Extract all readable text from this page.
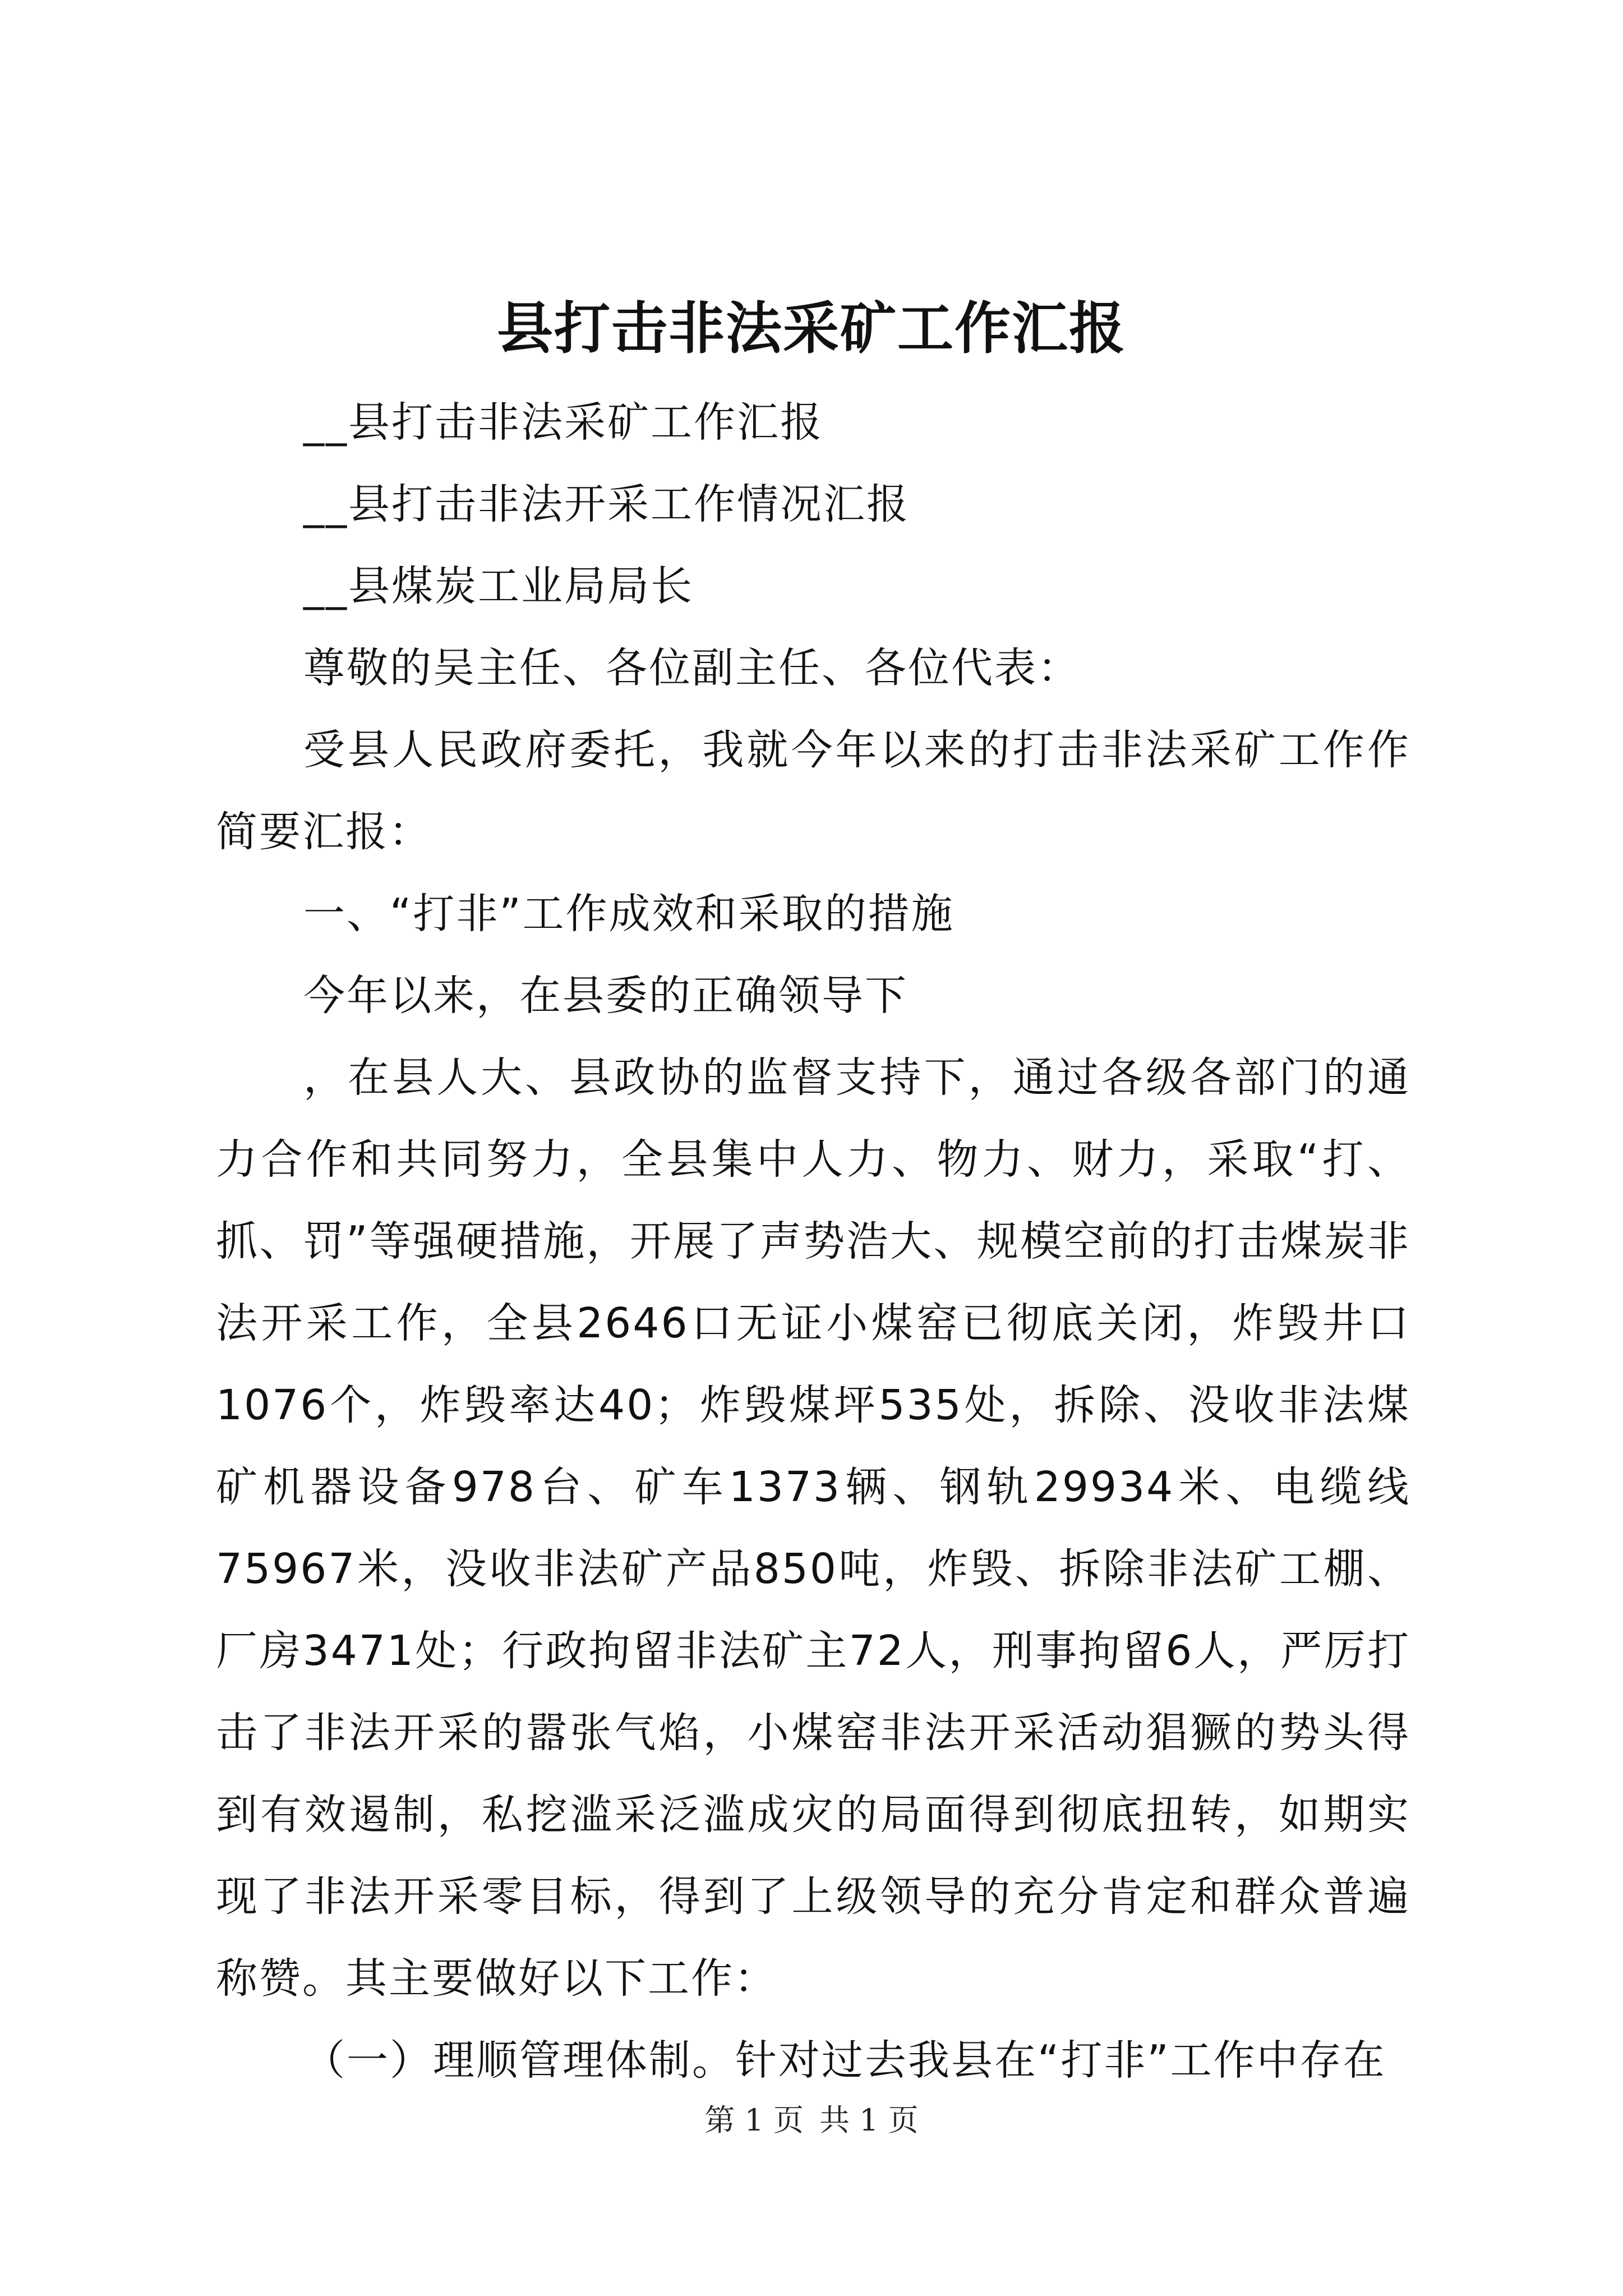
县打击非法采矿工作汇报

__县打击非法采矿工作汇报

__县打击非法开采工作情况汇报

__县煤炭工业局局长

尊敬的吴主任、各位副主任、各位代表：

受县人民政府委托，我就今年以来的打击非法采矿工作作简要汇报：

一、“打非”工作成效和采取的措施

今年以来，在县委的正确领导下

，在县人大、县政协的监督支持下，通过各级各部门的通力合作和共同努力，全县集中人力、物力、财力，采取“打、抓、罚”等强硬措施，开展了声势浩大、规模空前的打击煤炭非法开采工作，全县2646口无证小煤窑已彻底关闭，炸毁井口1076个，炸毁率达40；炸毁煤坪535处，拆除、没收非法煤矿机器设备978台、矿车1373辆、钢轨29934米、电缆线75967米，没收非法矿产品850吨，炸毁、拆除非法矿工棚、厂房3471处；行政拘留非法矿主72人，刑事拘留6人，严厉打击了非法开采的嚣张气焰，小煤窑非法开采活动猖獗的势头得到有效遏制，私挖滥采泛滥成灾的局面得到彻底扭转，如期实现了非法开采零目标，得到了上级领导的充分肯定和群众普遍称赞。其主要做好以下工作：

（一）理顺管理体制。针对过去我县在“打非”工作中存在

第 1 页 共 1 页
